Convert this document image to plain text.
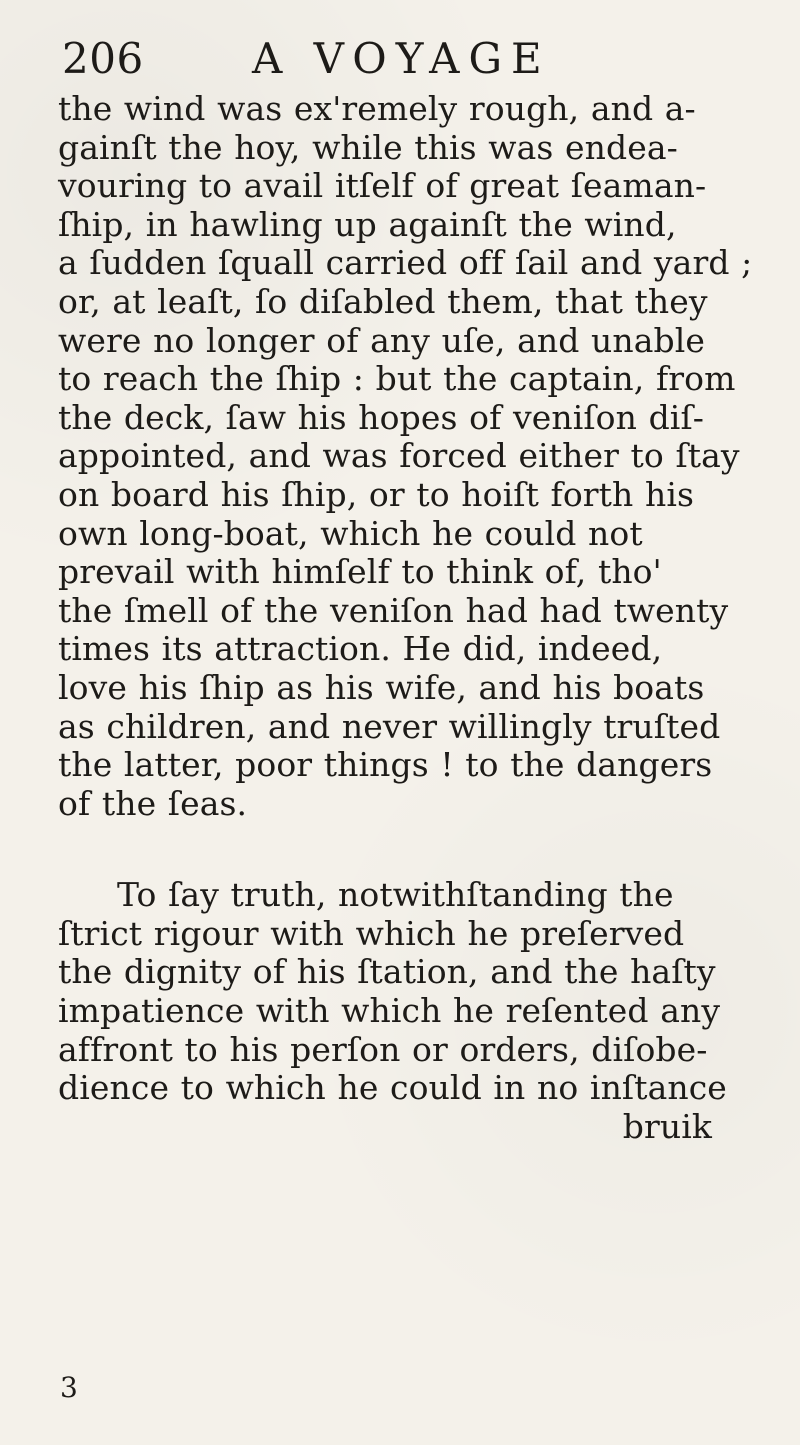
206	A VOYAGE
the wind was ex'remely rough, and a-
gainſt the hoy, while this was endea-
vouring to avail itſelf of great ſeaman-
ſhip, in hawling up againſt the wind,
a ſudden ſquall carried off ſail and yard ;
or, at leaſt, ſo diſabled them, that they
were no longer of any uſe, and unable
to reach the ſhip : but the captain, from
the deck, ſaw his hopes of veniſon diſ-
appointed, and was forced either to ſtay
on board his ſhip, or to hoiſt forth his
own long-boat, which he could not
prevail with himſelf to think of, tho'
the ſmell of the veniſon had had twenty
times its attraction. He did, indeed,
love his ſhip as his wife, and his boats
as children, and never willingly truſted
the latter, poor things ! to the dangers
of the ſeas.
To ſay truth, notwithſtanding the
ſtrict rigour with which he preſerved
the dignity of his ſtation, and the haſty
impatience with which he reſented any
affront to his perſon or orders, diſobe-
dience to which he could in no inſtance
bruik
3
